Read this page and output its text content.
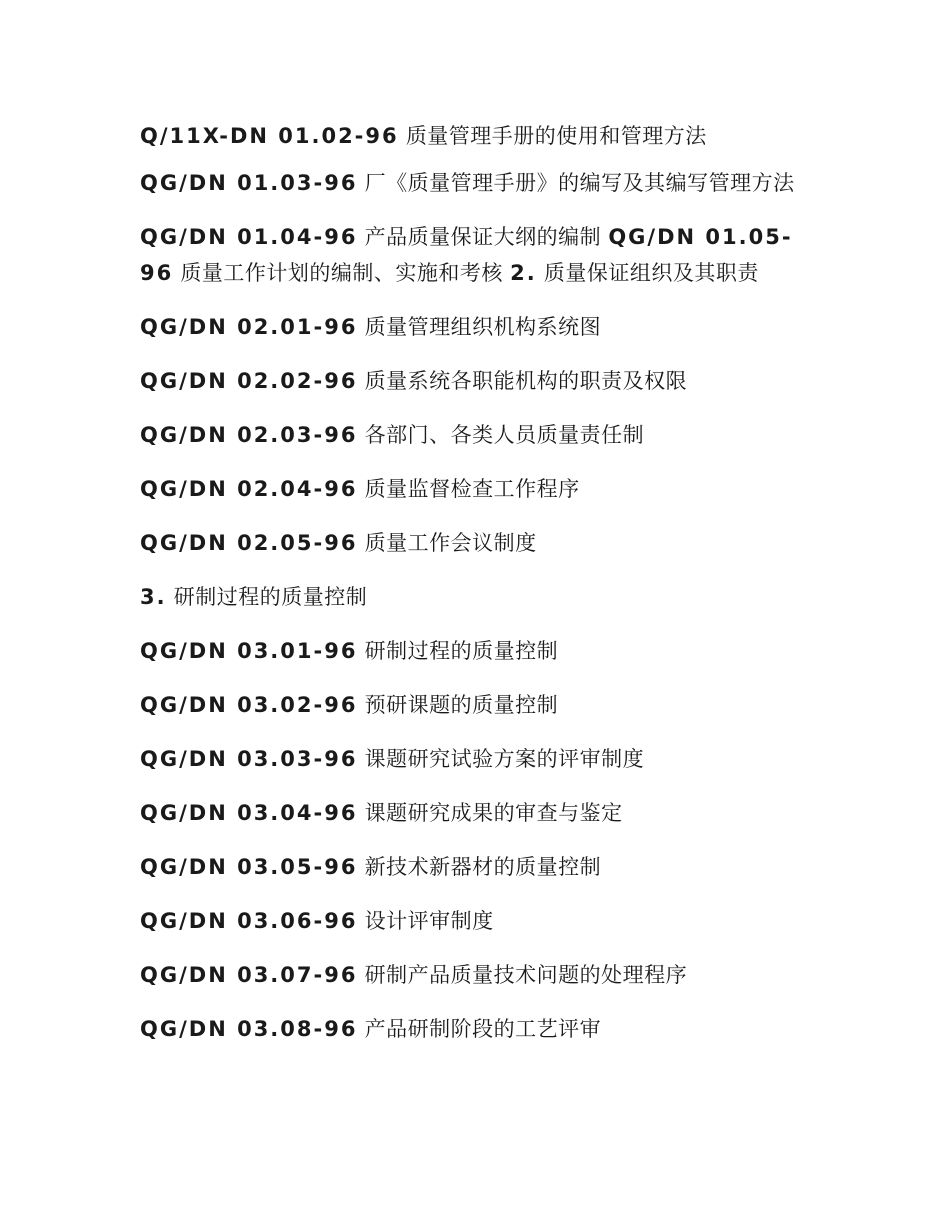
Q/11X-DN 01.02-96 质量管理手册的使用和管理方法

QG/DN 01.03-96 厂《质量管理手册》的编写及其编写管理方法

QG/DN 01.04-96 产品质量保证大纲的编制 QG/DN 01.05-96 质量工作计划的编制、实施和考核 2. 质量保证组织及其职责

QG/DN 02.01-96 质量管理组织机构系统图

QG/DN 02.02-96 质量系统各职能机构的职责及权限

QG/DN 02.03-96 各部门、各类人员质量责任制

QG/DN 02.04-96 质量监督检查工作程序

QG/DN 02.05-96 质量工作会议制度

3. 研制过程的质量控制

QG/DN 03.01-96 研制过程的质量控制

QG/DN 03.02-96 预研课题的质量控制

QG/DN 03.03-96 课题研究试验方案的评审制度

QG/DN 03.04-96 课题研究成果的审查与鉴定

QG/DN 03.05-96 新技术新器材的质量控制

QG/DN 03.06-96 设计评审制度

QG/DN 03.07-96 研制产品质量技术问题的处理程序

QG/DN 03.08-96 产品研制阶段的工艺评审
